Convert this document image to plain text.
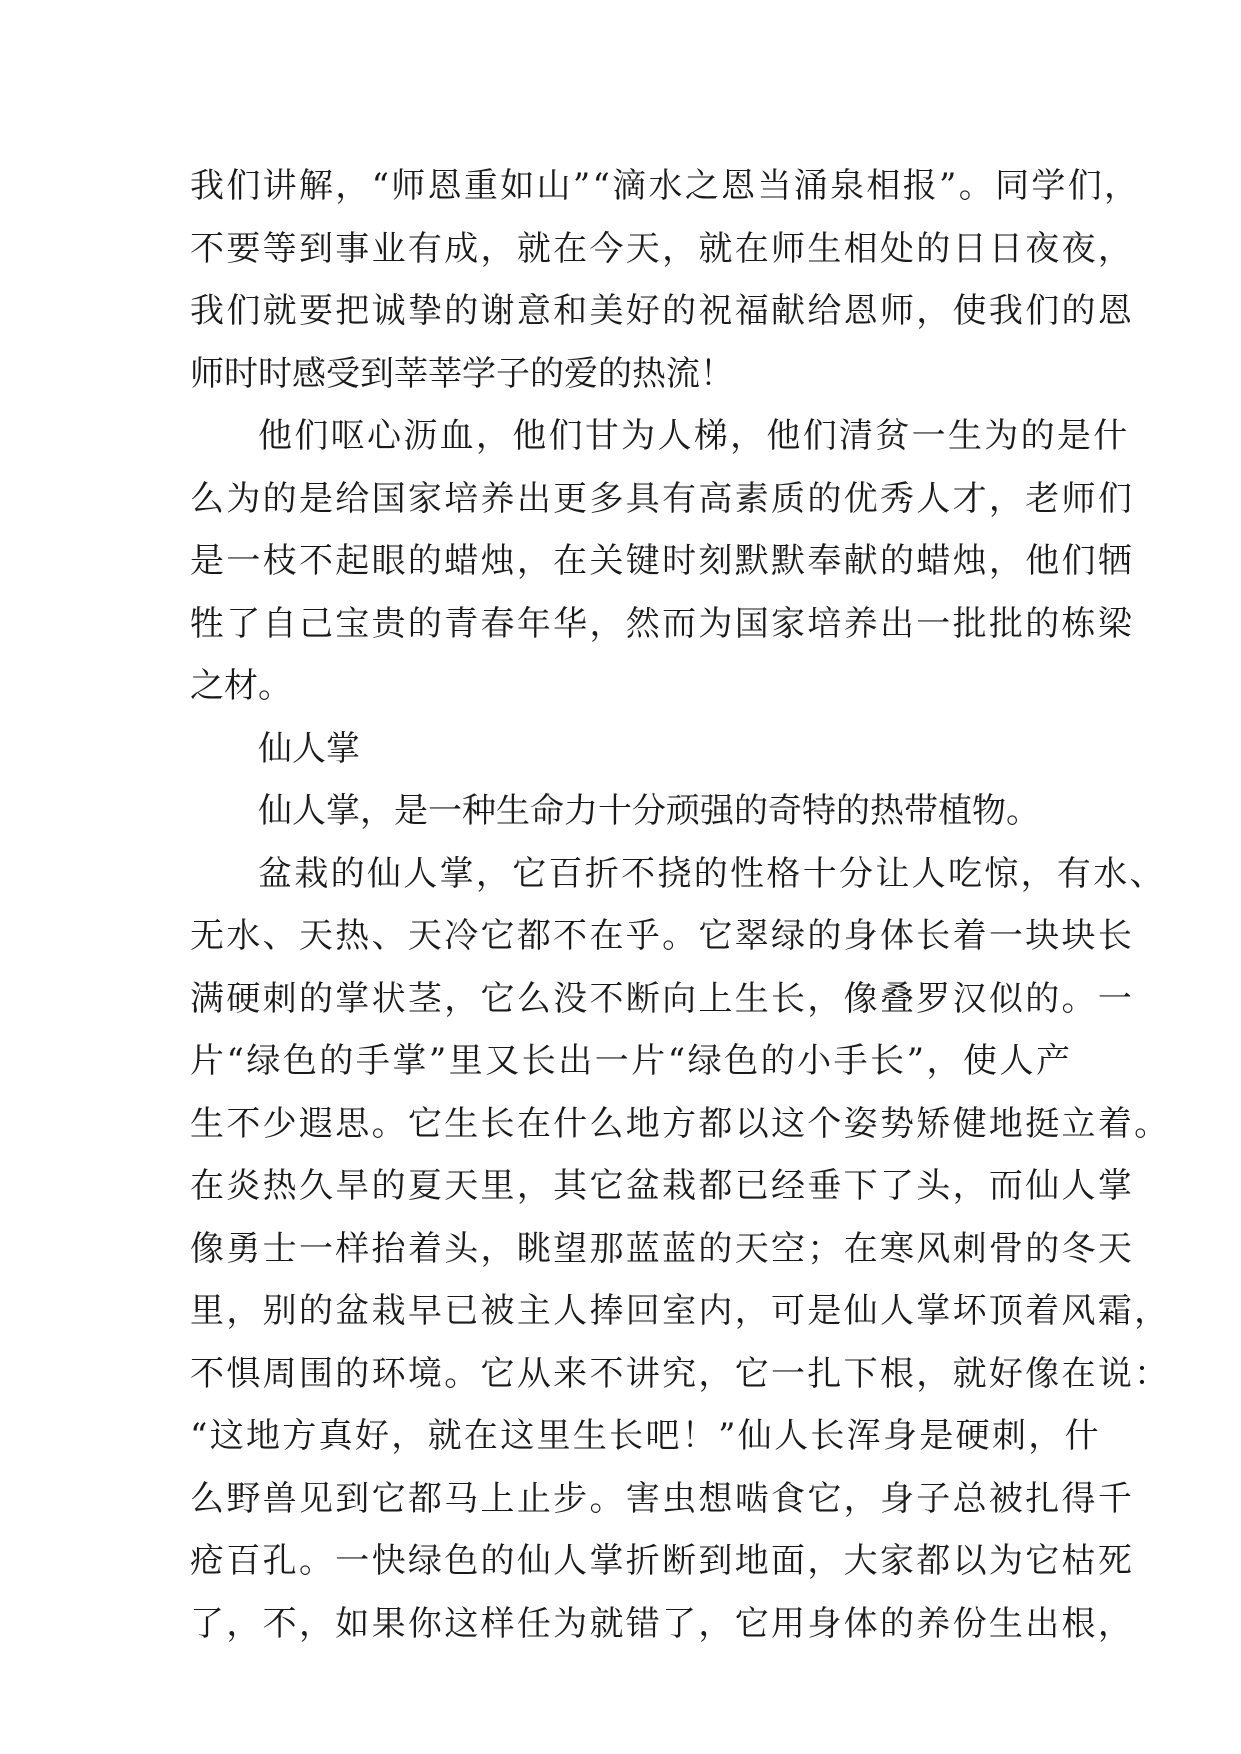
我 们 讲 解 ， “ 师 恩 重 如 山 ” “ 滴 水 之 恩 当 涌 泉 相 报 ” 。 同 学 们 ，
不 要 等 到 事 业 有 成 ， 就 在 今 天 ， 就 在 师 生 相 处 的 日 日 夜 夜 ，
我 们 就 要 把 诚 挚 的 谢 意 和 美 好 的 祝 福 献 给 恩 师 ， 使 我 们 的 恩
师时时感受到莘莘学子的爱的热流！
他 们 呕 心 沥 血 ， 他 们 甘 为 人 梯 ， 他 们 清 贫 一 生 为 的 是 什
么 为 的 是 给 国 家 培 养 出 更 多 具 有 高 素 质 的 优 秀 人 才 ， 老 师 们
是 一 枝 不 起 眼 的 蜡 烛 ， 在 关 键 时 刻 默 默 奉 献 的 蜡 烛 ， 他 们 牺
牲 了 自 己 宝 贵 的 青 春 年 华 ， 然 而 为 国 家 培 养 出 一 批 批 的 栋 梁
之材。
仙人掌
仙人掌，是一种生命力十分顽强的奇特的热带植物。
盆 栽 的 仙 人 掌 ， 它 百 折 不 挠 的 性 格 十 分 让 人 吃 惊 ， 有 水 、
无 水 、 天 热 、 天 冷 它 都 不 在 乎 。 它 翠 绿 的 身 体 长 着 一 块 块 长
满 硬 刺 的 掌 状 茎 ， 它 么 没 不 断 向 上 生 长 ， 像 叠 罗 汉 似 的 。 一
片 “ 绿 色 的 手 掌 ” 里 又 长 出 一 片 “ 绿 色 的 小 手 长 ” ， 使 人 产
生 不 少 遐 思 。 它 生 长 在 什 么 地 方 都 以 这 个 姿 势 矫 健 地 挺 立 着 。
在 炎 热 久 旱 的 夏 天 里 ， 其 它 盆 栽 都 已 经 垂 下 了 头 ， 而 仙 人 掌
像 勇 士 一 样 抬 着 头 ， 眺 望 那 蓝 蓝 的 天 空 ； 在 寒 风 刺 骨 的 冬 天
里 ， 别 的 盆 栽 早 已 被 主 人 捧 回 室 内 ， 可 是 仙 人 掌 坏 顶 着 风 霜 ，
不 惧 周 围 的 环 境 。 它 从 来 不 讲 究 ， 它 一 扎 下 根 ， 就 好 像 在 说 ：
“ 这 地 方 真 好 ， 就 在 这 里 生 长 吧 ！ ” 仙 人 长 浑 身 是 硬 刺 ， 什
么 野 兽 见 到 它 都 马 上 止 步 。 害 虫 想 啮 食 它 ， 身 子 总 被 扎 得 千
疮 百 孔 。 一 快 绿 色 的 仙 人 掌 折 断 到 地 面 ， 大 家 都 以 为 它 枯 死
了 ， 不 ， 如 果 你 这 样 任 为 就 错 了 ， 它 用 身 体 的 养 份 生 出 根 ，
